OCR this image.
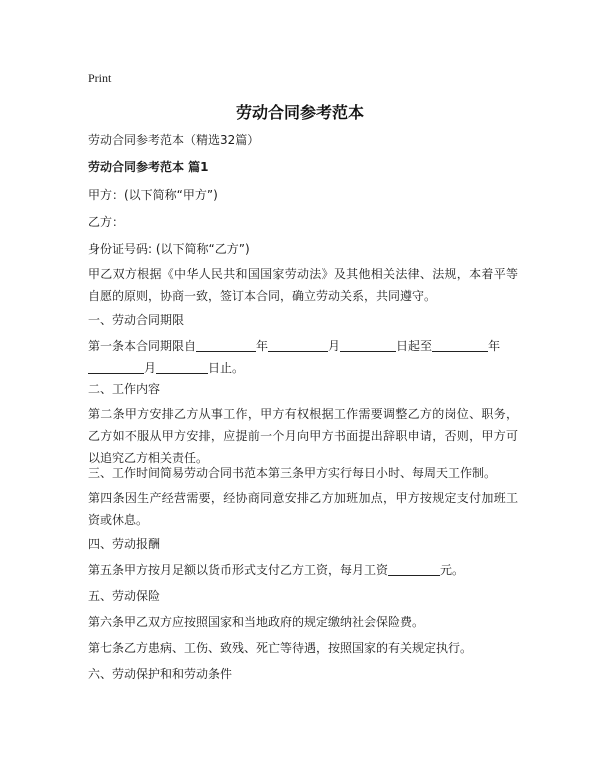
Print
劳动合同参考范本
劳动合同参考范本（精选32篇）
劳动合同参考范本 篇1
甲方：(以下简称“甲方”)
乙方：
身份证号码: (以下简称“乙方”)
甲乙双方根据《中华人民共和国国家劳动法》及其他相关法律、法规，本着平等自愿的原则，协商一致，签订本合同，确立劳动关系，共同遵守。
一、劳动合同期限
第一条本合同期限自	年	月	日起至	年
月	日止。
二、工作内容
第二条甲方安排乙方从事工作，甲方有权根据工作需要调整乙方的岗位、职务，乙方如不服从甲方安排，应提前一个月向甲方书面提出辞职申请，否则，甲方可以追究乙方相关责任。
三、工作时间简易劳动合同书范本第三条甲方实行每日小时、每周天工作制。
第四条因生产经营需要，经协商同意安排乙方加班加点，甲方按规定支付加班工资或休息。
四、劳动报酬
第五条甲方按月足额以货币形式支付乙方工资，每月工资	元。
五、劳动保险
第六条甲乙双方应按照国家和当地政府的规定缴纳社会保险费。
第七条乙方患病、工伤、致残、死亡等待遇，按照国家的有关规定执行。
六、劳动保护和和劳动条件
